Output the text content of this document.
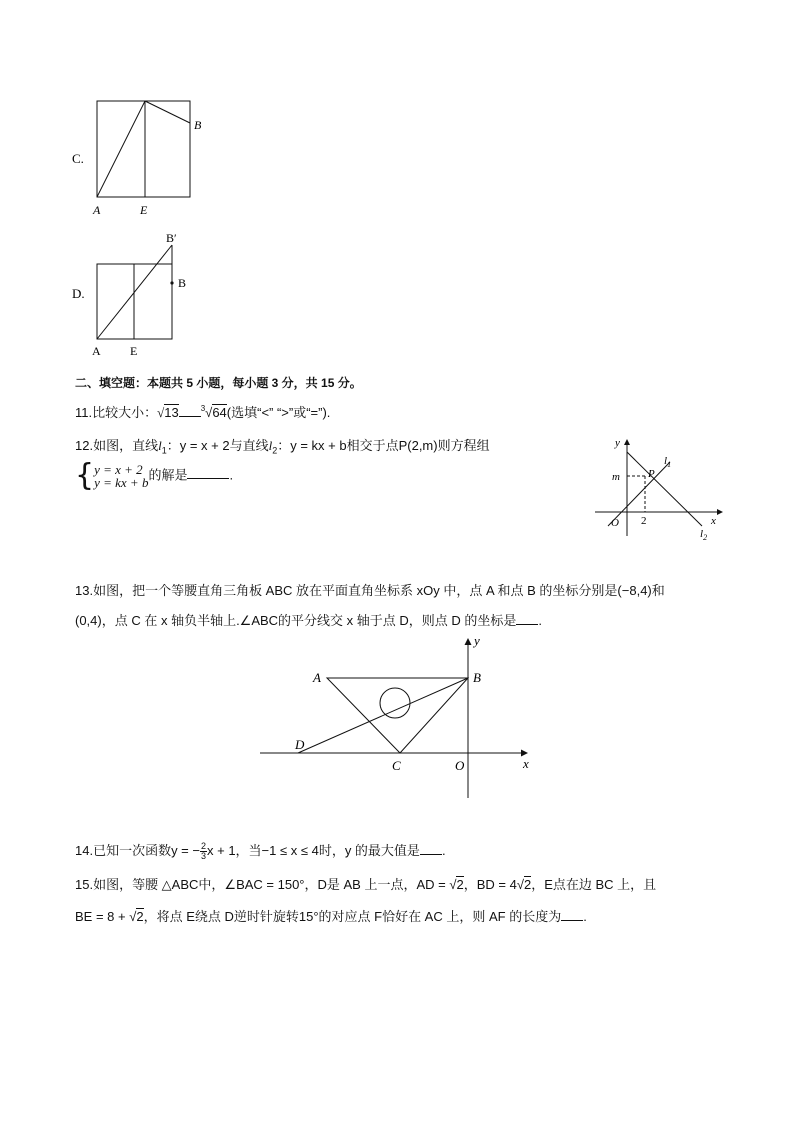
C.
A	E
B
D.
B′
B
A E
二、填空题：本题共 5 小题，每小题 3 分，共 15 分。
11.比较大小：√13	$^3$√64(选填“<” “>”或“=”).
12.如图，直线$l_1$：y = x + 2与直线$l_2$：y = kx + b相交于点P(2,m)则方程组
{ y = x + 2
y = kx + b
的解是	.
y
m	P
$l_1$
O 2	x
$l_2$
13.如图，把一个等腰直角三角板 ABC 放在平面直角坐标系 xOy 中，点 A 和点 B 的坐标分别是(−8,4)和
(0,4)，点 C 在 x 轴负半轴上.∠ABC的平分线交 x 轴于点 D，则点 D 的坐标是 .
A	B
D
C	O	x
y
14.已知一次函数y = − $\frac{2}{3}$ x + 1，当−1 ≤ x ≤ 4时，y 的最大值是 .
15.如图，等腰 △ABC中，∠BAC = 150°，D是 AB 上一点，AD = √2，BD = 4√2，E点在边 BC 上，且
BE = 8 + √2，将点 E绕点 D逆时针旋转15°的对应点 F恰好在 AC 上，则 AF 的长度为 .
